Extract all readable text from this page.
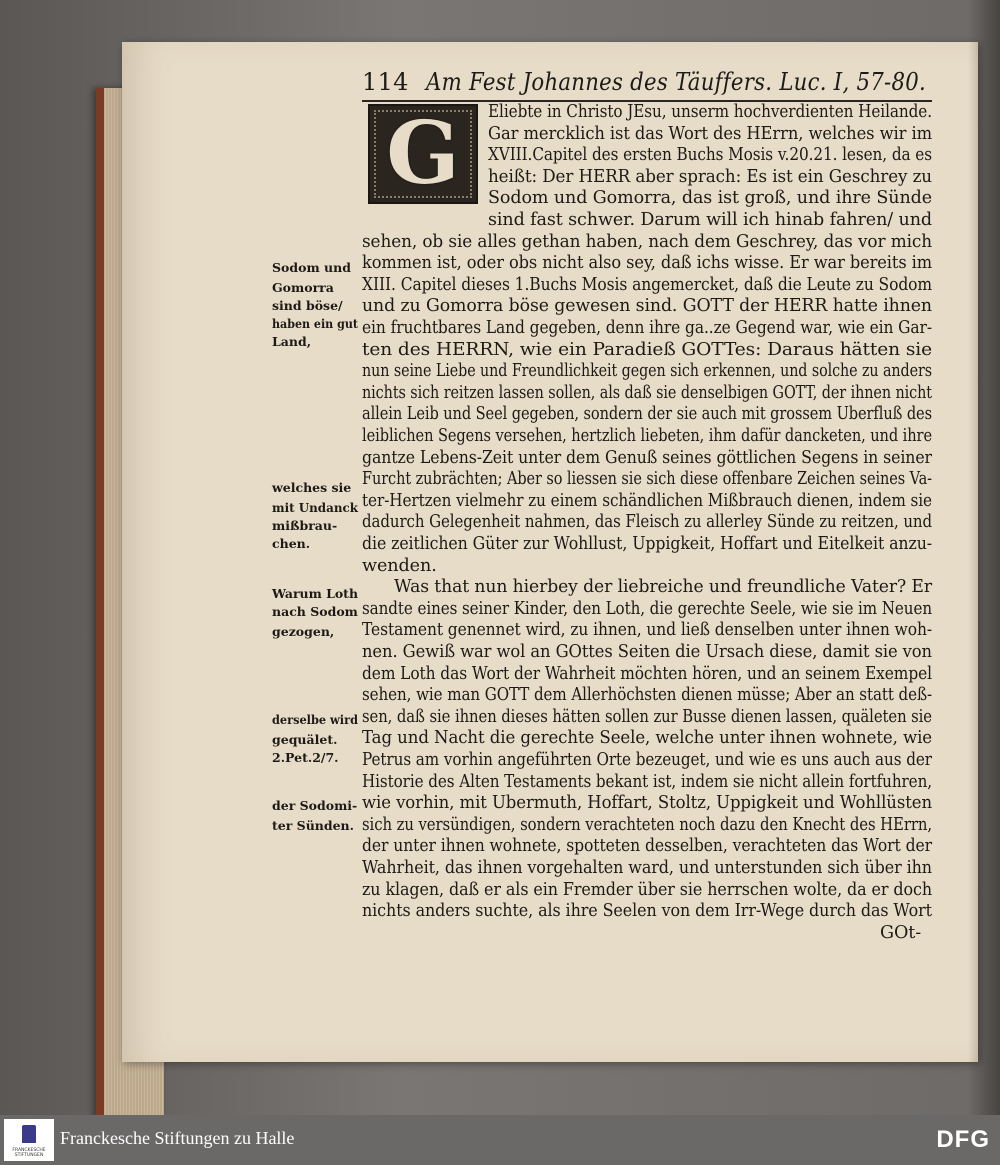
114 Am Fest Johannes des Täuffers. Luc. I, 57-80.
G Eliebte in Christo JEsu, unserm hochverdienten Heilande.
Gar mercklich ist das Wort des HErrn, welches wir im
XVIII.Capitel des ersten Buchs Mosis v.20.21. lesen, da es
heißt: Der HERR aber sprach: Es ist ein Geschrey zu
Sodom und Gomorra, das ist groß, und ihre Sünde
sind fast schwer. Darum will ich hinab fahren/ und
sehen, ob sie alles gethan haben, nach dem Geschrey, das vor mich
kommen ist, oder obs nicht also sey, daß ichs wisse. Er war bereits im
XIII. Capitel dieses 1.Buchs Mosis angemercket, daß die Leute zu Sodom
und zu Gomorra böse gewesen sind. GOTT der HERR hatte ihnen
ein fruchtbares Land gegeben, denn ihre ga..ze Gegend war, wie ein Gar-
ten des HERRN, wie ein Paradieß GOTTes: Daraus hätten sie
nun seine Liebe und Freundlichkeit gegen sich erkennen, und solche zu anders
nichts sich reitzen lassen sollen, als daß sie denselbigen GOTT, der ihnen nicht
allein Leib und Seel gegeben, sondern der sie auch mit grossem Uberfluß des
leiblichen Segens versehen, hertzlich liebeten, ihm dafür dancketen, und ihre
gantze Lebens-Zeit unter dem Genuß seines göttlichen Segens in seiner
Furcht zubrächten; Aber so liessen sie sich diese offenbare Zeichen seines Va-
ter-Hertzen vielmehr zu einem schändlichen Mißbrauch dienen, indem sie
dadurch Gelegenheit nahmen, das Fleisch zu allerley Sünde zu reitzen, und
die zeitlichen Güter zur Wohllust, Uppigkeit, Hoffart und Eitelkeit anzu-
wenden.
Was that nun hierbey der liebreiche und freundliche Vater? Er
sandte eines seiner Kinder, den Loth, die gerechte Seele, wie sie im Neuen
Testament genennet wird, zu ihnen, und ließ denselben unter ihnen woh-
nen. Gewiß war wol an GOttes Seiten die Ursach diese, damit sie von
dem Loth das Wort der Wahrheit möchten hören, und an seinem Exempel
sehen, wie man GOTT dem Allerhöchsten dienen müsse; Aber an statt deß-
sen, daß sie ihnen dieses hätten sollen zur Busse dienen lassen, quäleten sie
Tag und Nacht die gerechte Seele, welche unter ihnen wohnete, wie
Petrus am vorhin angeführten Orte bezeuget, und wie es uns auch aus der
Historie des Alten Testaments bekant ist, indem sie nicht allein fortfuhren,
wie vorhin, mit Ubermuth, Hoffart, Stoltz, Uppigkeit und Wohllüsten
sich zu versündigen, sondern verachteten noch dazu den Knecht des HErrn,
der unter ihnen wohnete, spotteten desselben, verachteten das Wort der
Wahrheit, das ihnen vorgehalten ward, und unterstunden sich über ihn
zu klagen, daß er als ein Fremder über sie herrschen wolte, da er doch
nichts anders suchte, als ihre Seelen von dem Irr-Wege durch das Wort
GOt-
Sodom und
Gomorra
sind böse/
haben ein gut
Land,
welches sie
mit Undanck
mißbrau-
chen.
Warum Loth
nach Sodom
gezogen,
derselbe wird
gequälet.
2.Pet.2/7.
der Sodomi-
ter Sünden.
FRANCKESCHE STIFTUNGEN
Franckesche Stiftungen zu Halle	DFG
